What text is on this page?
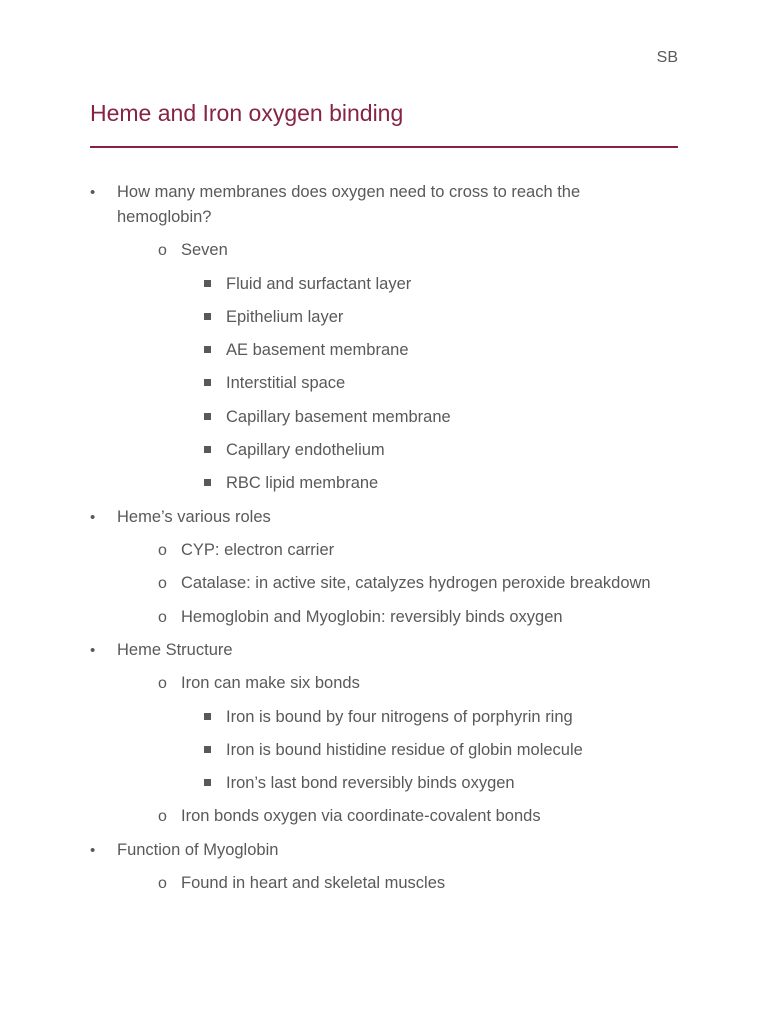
SB
Heme and Iron oxygen binding
• How many membranes does oxygen need to cross to reach the hemoglobin?
o Seven
Fluid and surfactant layer
Epithelium layer
AE basement membrane
Interstitial space
Capillary basement membrane
Capillary endothelium
RBC lipid membrane
• Heme’s various roles
o CYP: electron carrier
o Catalase: in active site, catalyzes hydrogen peroxide breakdown
o Hemoglobin and Myoglobin: reversibly binds oxygen
• Heme Structure
o Iron can make six bonds
Iron is bound by four nitrogens of porphyrin ring
Iron is bound histidine residue of globin molecule
Iron’s last bond reversibly binds oxygen
o Iron bonds oxygen via coordinate-covalent bonds
• Function of Myoglobin
o Found in heart and skeletal muscles
